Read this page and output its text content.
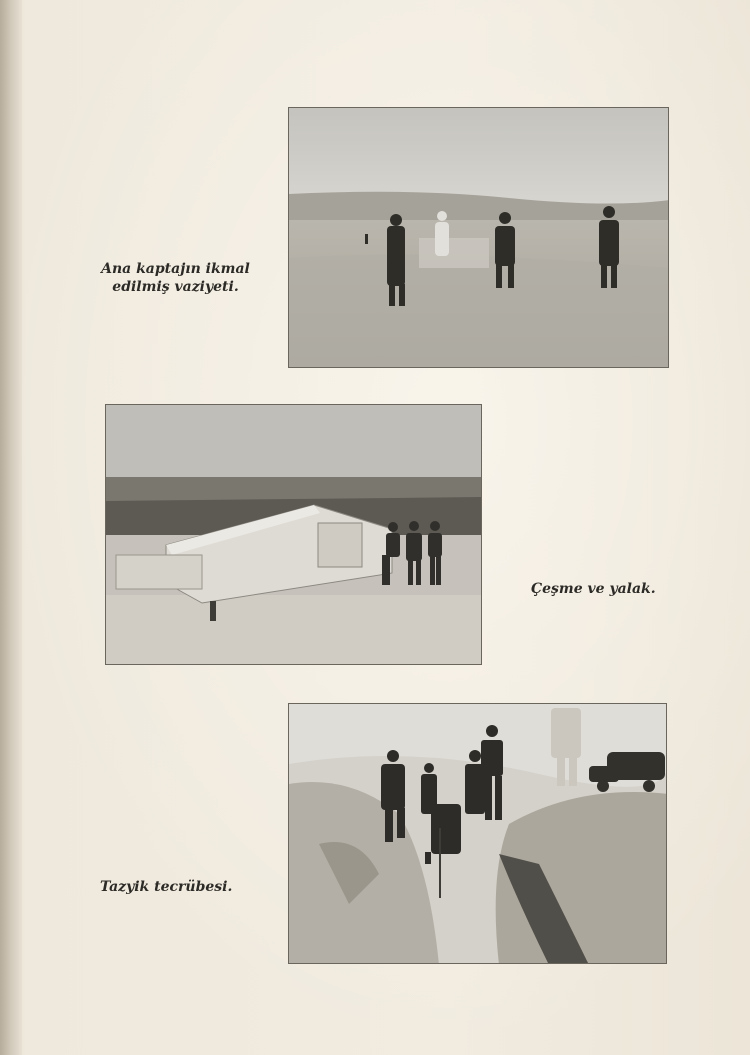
Ana kaptajın ikmal
edilmiş vaziyeti.
Çeşme ve yalak.
Tazyik tecrübesi.
